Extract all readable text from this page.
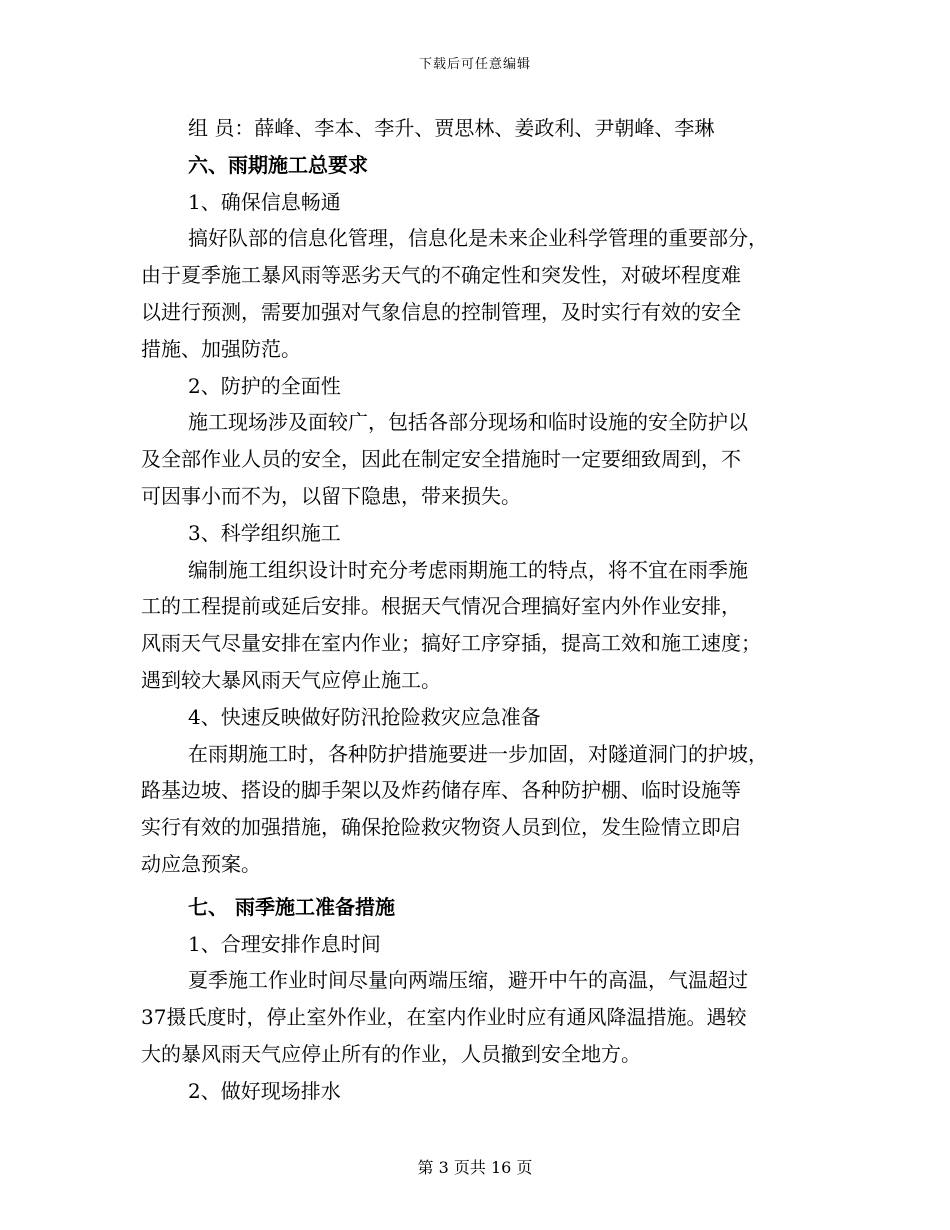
下载后可任意编辑
组 员：薛峰、李本、李升、贾思林、姜政利、尹朝峰、李琳
六、雨期施工总要求
1、确保信息畅通
搞好队部的信息化管理，信息化是未来企业科学管理的重要部分，
由于夏季施工暴风雨等恶劣天气的不确定性和突发性，对破坏程度难
以进行预测，需要加强对气象信息的控制管理，及时实行有效的安全
措施、加强防范。
2、防护的全面性
施工现场涉及面较广，包括各部分现场和临时设施的安全防护以
及全部作业人员的安全，因此在制定安全措施时一定要细致周到，不
可因事小而不为，以留下隐患，带来损失。
3、科学组织施工
编制施工组织设计时充分考虑雨期施工的特点，将不宜在雨季施
工的工程提前或延后安排。根据天气情况合理搞好室内外作业安排，
风雨天气尽量安排在室内作业；搞好工序穿插，提高工效和施工速度；
遇到较大暴风雨天气应停止施工。
4、快速反映做好防汛抢险救灾应急准备
在雨期施工时，各种防护措施要进一步加固，对隧道洞门的护坡，
路基边坡、搭设的脚手架以及炸药储存库、各种防护棚、临时设施等
实行有效的加强措施，确保抢险救灾物资人员到位，发生险情立即启
动应急预案。
七、 雨季施工准备措施
1、合理安排作息时间
夏季施工作业时间尽量向两端压缩，避开中午的高温，气温超过
37摄氏度时，停止室外作业，在室内作业时应有通风降温措施。遇较
大的暴风雨天气应停止所有的作业，人员撤到安全地方。
2、做好现场排水
第 3 页共 16 页
